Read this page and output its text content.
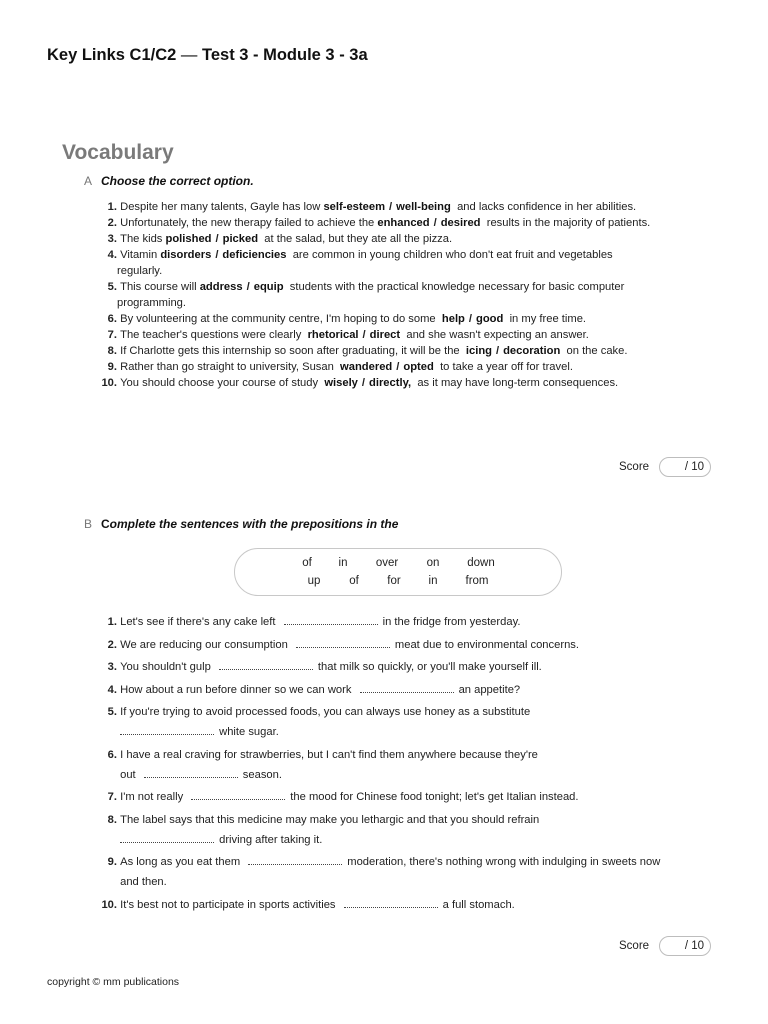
Key Links C1/C2 — Test 3 - Module 3 - 3a
Vocabulary
A Choose the correct option.
1. Despite her many talents, Gayle has low self-esteem / well-being and lacks confidence in her abilities.
2. Unfortunately, the new therapy failed to achieve the enhanced / desired results in the majority of patients.
3. The kids polished / picked at the salad, but they ate all the pizza.
4. Vitamin disorders / deficiencies are common in young children who don't eat fruit and vegetables regularly.
5. This course will address / equip students with the practical knowledge necessary for basic computer programming.
6. By volunteering at the community centre, I'm hoping to do some help / good in my free time.
7. The teacher's questions were clearly rhetorical / direct and she wasn't expecting an answer.
8. If Charlotte gets this internship so soon after graduating, it will be the icing / decoration on the cake.
9. Rather than go straight to university, Susan wandered / opted to take a year off for travel.
10. You should choose your course of study wisely / directly, as it may have long-term consequences.
Score	/ 10
B Complete the sentences with the prepositions in the
of in over on down
up	of for in from
1. Let's see if there's any cake left	in the fridge from yesterday.
2. We are reducing our consumption	meat due to environmental concerns.
3. You shouldn't gulp	that milk so quickly, or you'll make yourself ill.
4. How about a run before dinner so we can work	an appetite?
5. If you're trying to avoid processed foods, you can always use honey as a substitute
white sugar.
6. I have a real craving for strawberries, but I can't find them anywhere because they're
out	season.
7. I'm not really	the mood for Chinese food tonight; let's get Italian instead.
8. The label says that this medicine may make you lethargic and that you should refrain
driving after taking it.
9. As long as you eat them	moderation, there's nothing wrong with indulging in sweets now
and then.
10. It's best not to participate in sports activities	a full stomach.
Score	/ 10
copyright © mm publications
